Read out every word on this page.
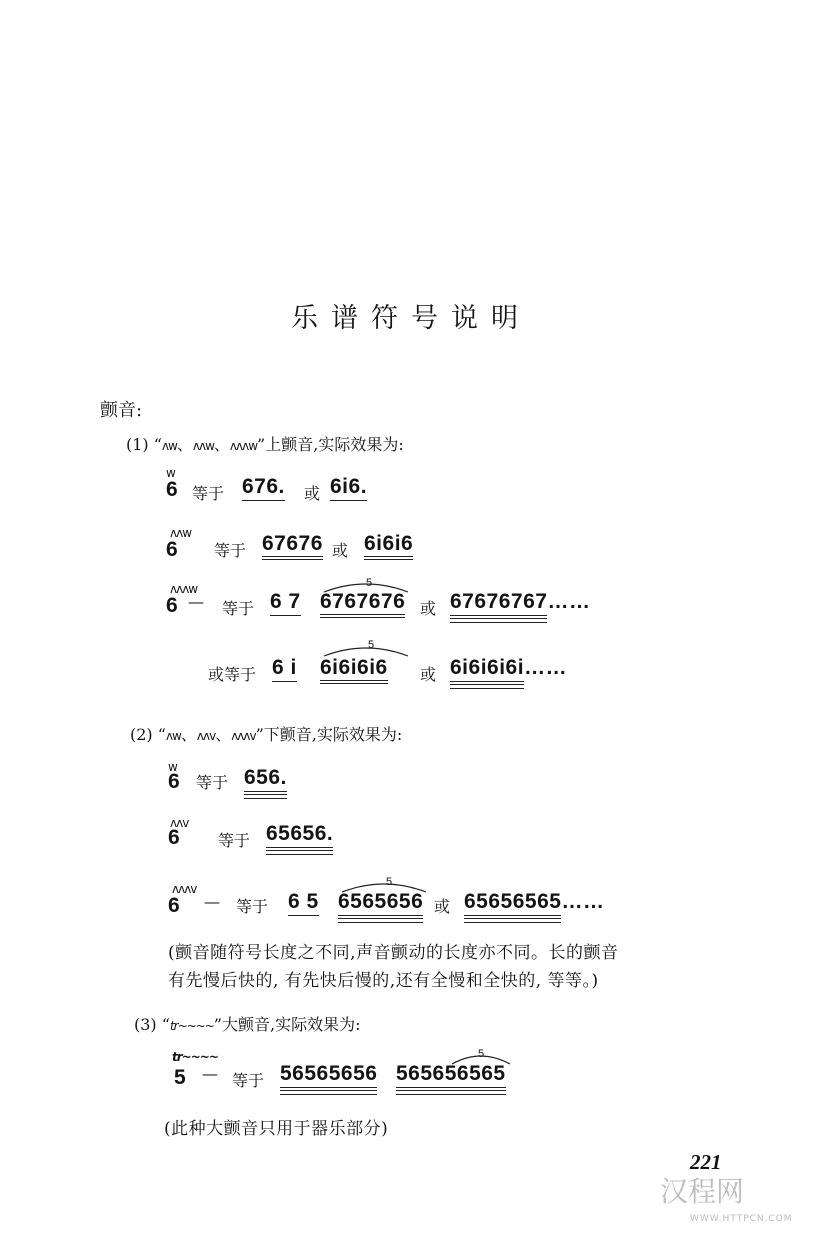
乐谱符号说明
颤音:
(1) “ʌw、ʌʌw、ʌʌʌw”上颤音,实际效果为:
w
6 等于 676. 或 6i6.
ʌʌw
6 等于 67676 或 6i6i6
ʌʌʌw
6 — 等于 6 7
5
6767676 或 67676767……
或等于 6 i
5
6i6i6i6 或 6i6i6i6i……
(2) “ʌw、ʌʌv、ʌʌʌv”下颤音,实际效果为:
w
6 等于 656.
ʌʌv
6 等于 65656.
ʌʌʌv
6 — 等于 6 5
5
6565656 或 65656565……
(颤音随符号长度之不同,声音颤动的长度亦不同。长的颤音
有先慢后快的, 有先快后慢的,还有全慢和全快的, 等等。)
(3) “tr~~~~”大颤音,实际效果为:
tr~~~~
5 — 等于 56565656
5
565656565
(此种大颤音只用于器乐部分)
221
汉程网
WWW.HTTPCN.COM
